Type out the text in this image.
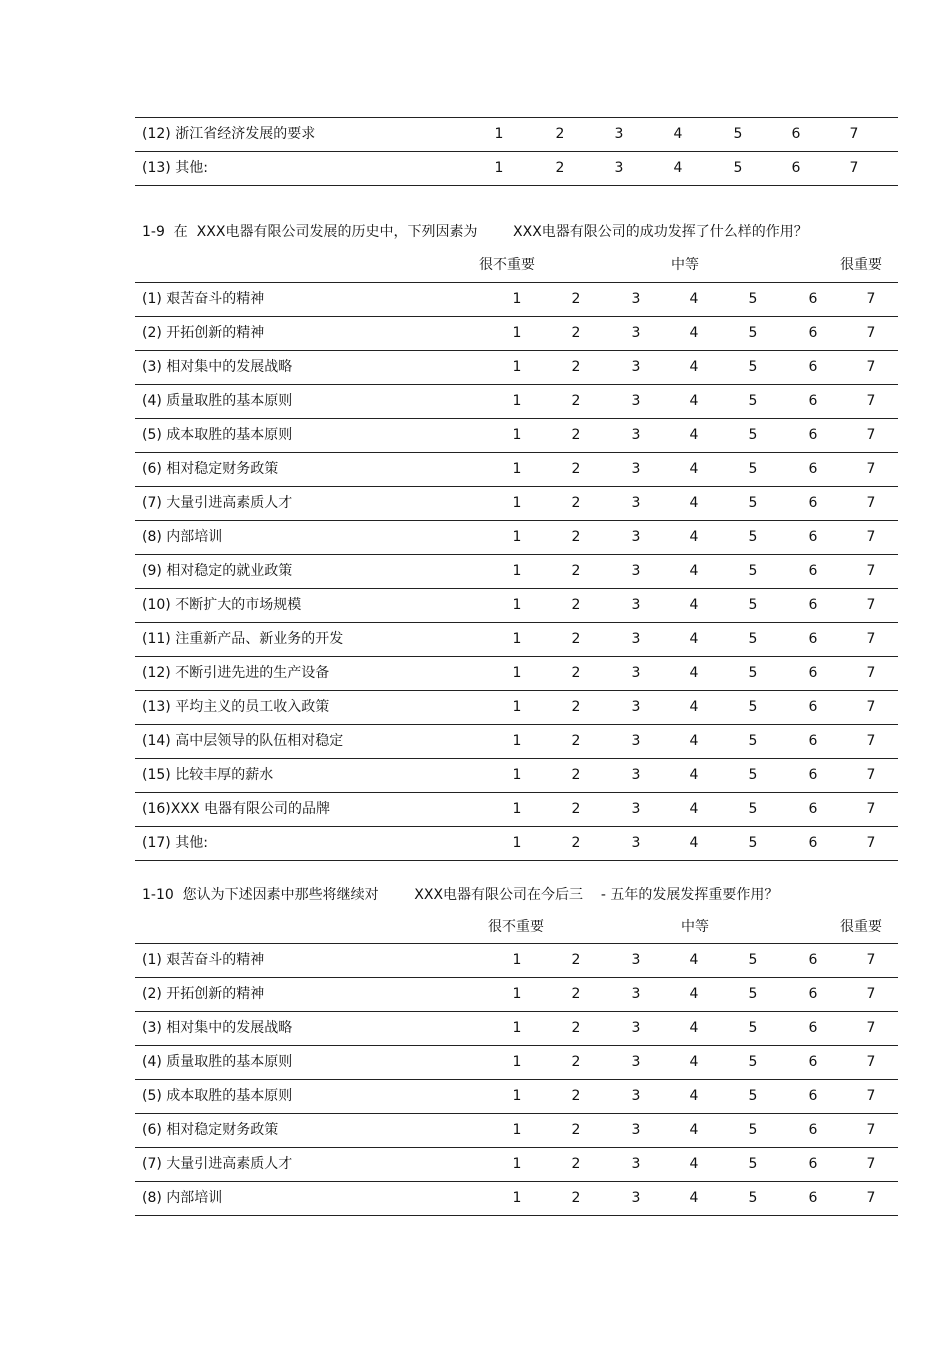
(12) 浙江省经济发展的要求	1	2	3	4	5	6	7
(13) 其他:	1	2	3	4	5	6	7
1-9  在  XXX电器有限公司发展的历史中，下列因素为        XXX电器有限公司的成功发挥了什么样的作用？
很不重要	中等	很重要
(1) 艰苦奋斗的精神	1	2	3	4	5	6	7
(2) 开拓创新的精神	1	2	3	4	5	6	7
(3) 相对集中的发展战略	1	2	3	4	5	6	7
(4) 质量取胜的基本原则	1	2	3	4	5	6	7
(5) 成本取胜的基本原则	1	2	3	4	5	6	7
(6) 相对稳定财务政策	1	2	3	4	5	6	7
(7) 大量引进高素质人才	1	2	3	4	5	6	7
(8) 内部培训	1	2	3	4	5	6	7
(9) 相对稳定的就业政策	1	2	3	4	5	6	7
(10) 不断扩大的市场规模	1	2	3	4	5	6	7
(11) 注重新产品、新业务的开发	1	2	3	4	5	6	7
(12) 不断引进先进的生产设备	1	2	3	4	5	6	7
(13) 平均主义的员工收入政策	1	2	3	4	5	6	7
(14) 高中层领导的队伍相对稳定	1	2	3	4	5	6	7
(15) 比较丰厚的薪水	1	2	3	4	5	6	7
(16)XXX 电器有限公司的品牌	1	2	3	4	5	6	7
(17) 其他:	1	2	3	4	5	6	7
1-10  您认为下述因素中那些将继续对        XXX电器有限公司在今后三    - 五年的发展发挥重要作用？
很不重要	中等	很重要
(1) 艰苦奋斗的精神	1	2	3	4	5	6	7
(2) 开拓创新的精神	1	2	3	4	5	6	7
(3) 相对集中的发展战略	1	2	3	4	5	6	7
(4) 质量取胜的基本原则	1	2	3	4	5	6	7
(5) 成本取胜的基本原则	1	2	3	4	5	6	7
(6) 相对稳定财务政策	1	2	3	4	5	6	7
(7) 大量引进高素质人才	1	2	3	4	5	6	7
(8) 内部培训	1	2	3	4	5	6	7
